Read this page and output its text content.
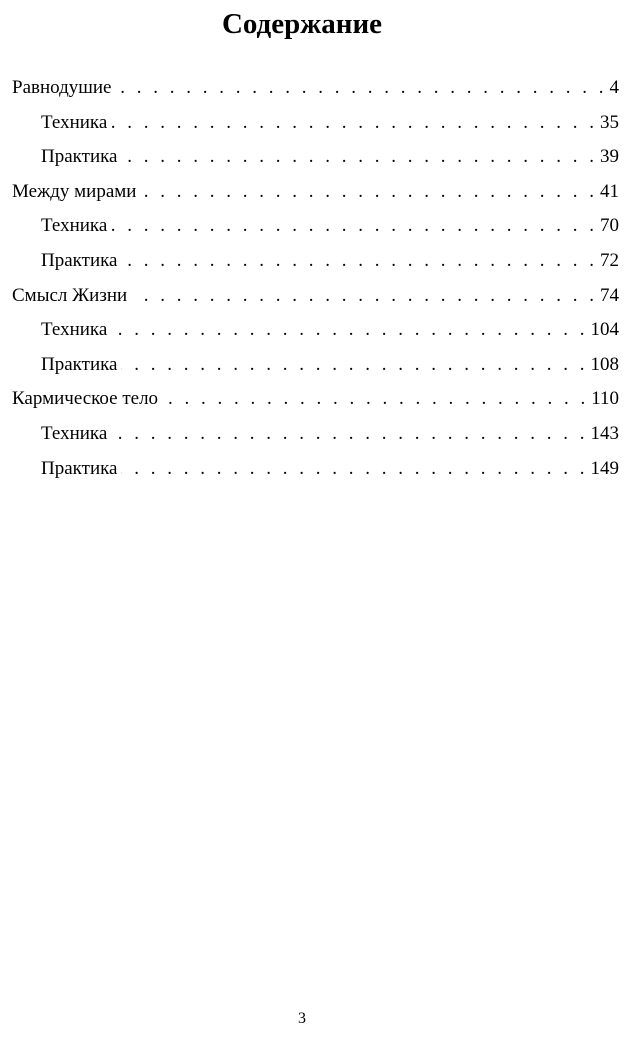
Содержание
Равнодушие . . .	4
Техника . . .	35
Практика . . .	39
Между мирами . . .	41
Техника . . .	70
Практика . . .	72
Смысл Жизни . . .	74
Техника . . .	104
Практика . . .	108
Кармическое тело . . .	110
Техника . . .	143
Практика . . .	149
3
